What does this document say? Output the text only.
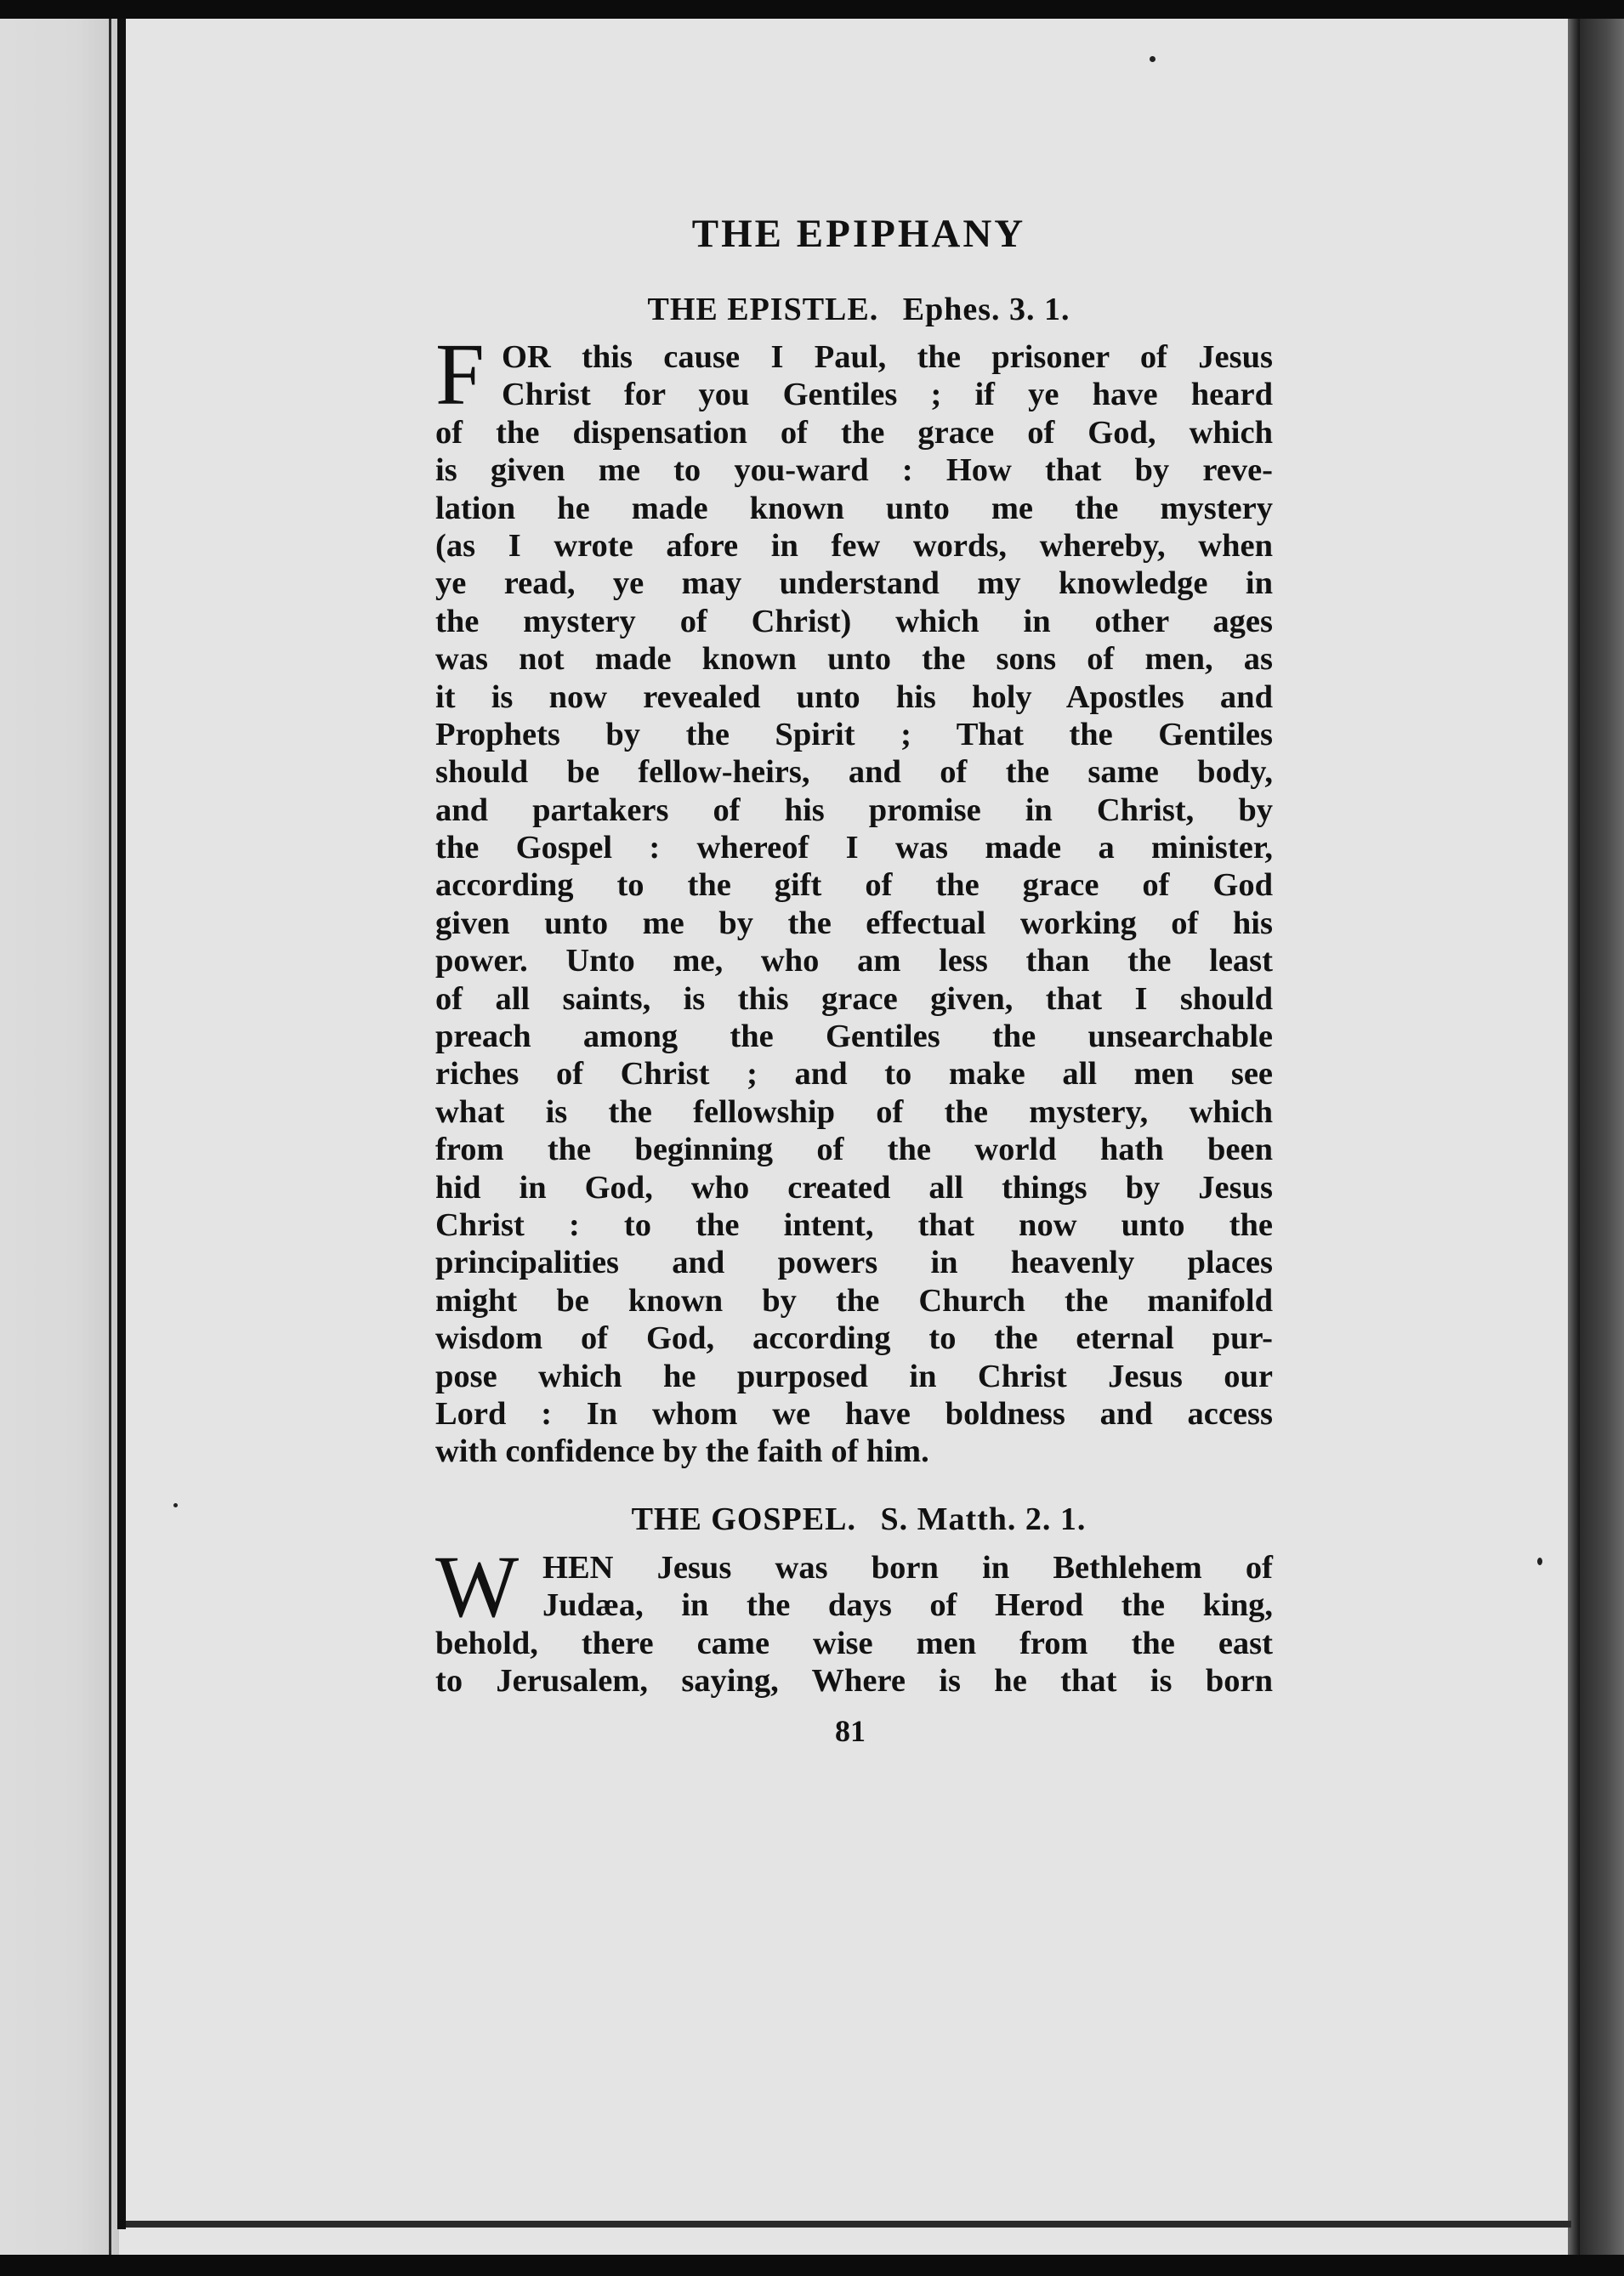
THE EPIPHANY
THE EPISTLE. Ephes. 3. 1.
F OR this cause I Paul, the prisoner of Jesus
Christ for you Gentiles ; if ye have heard
of the dispensation of the grace of God, which
is given me to you-ward : How that by reve-
lation he made known unto me the mystery
(as I wrote afore in few words, whereby, when
ye read, ye may understand my knowledge in
the mystery of Christ) which in other ages
was not made known unto the sons of men, as
it is now revealed unto his holy Apostles and
Prophets by the Spirit ; That the Gentiles
should be fellow-heirs, and of the same body,
and partakers of his promise in Christ, by
the Gospel : whereof I was made a minister,
according to the gift of the grace of God
given unto me by the effectual working of his
power. Unto me, who am less than the least
of all saints, is this grace given, that I should
preach among the Gentiles the unsearchable
riches of Christ ; and to make all men see
what is the fellowship of the mystery, which
from the beginning of the world hath been
hid in God, who created all things by Jesus
Christ : to the intent, that now unto the
principalities and powers in heavenly places
might be known by the Church the manifold
wisdom of God, according to the eternal pur-
pose which he purposed in Christ Jesus our
Lord : In whom we have boldness and access
with confidence by the faith of him.
THE GOSPEL. S. Matth. 2. 1.
W HEN Jesus was born in Bethlehem of
Judæa, in the days of Herod the king,
behold, there came wise men from the east
to Jerusalem, saying, Where is he that is born
81
